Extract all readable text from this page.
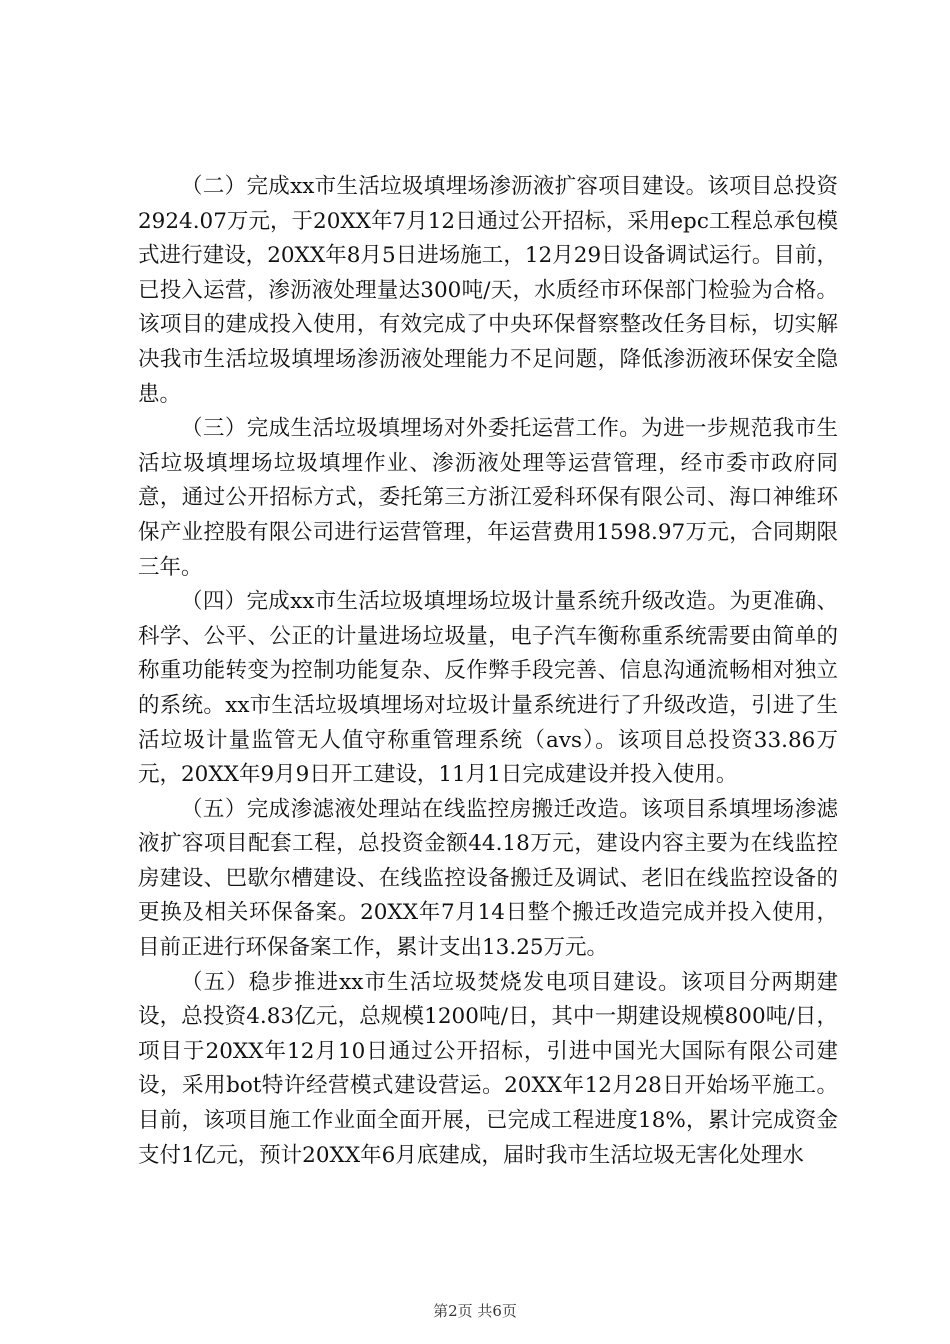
（二）完成xx市生活垃圾填埋场渗沥液扩容项目建设。该项目总投资2924.07万元，于20XX年7月12日通过公开招标，采用epc工程总承包模式进行建设，20XX年8月5日进场施工，12月29日设备调试运行。目前，已投入运营，渗沥液处理量达300吨/天，水质经市环保部门检验为合格。该项目的建成投入使用，有效完成了中央环保督察整改任务目标，切实解决我市生活垃圾填埋场渗沥液处理能力不足问题，降低渗沥液环保安全隐患。

（三）完成生活垃圾填埋场对外委托运营工作。为进一步规范我市生活垃圾填埋场垃圾填埋作业、渗沥液处理等运营管理，经市委市政府同意，通过公开招标方式，委托第三方浙江爱科环保有限公司、海口神维环保产业控股有限公司进行运营管理，年运营费用1598.97万元，合同期限三年。

（四）完成xx市生活垃圾填埋场垃圾计量系统升级改造。为更准确、科学、公平、公正的计量进场垃圾量，电子汽车衡称重系统需要由简单的称重功能转变为控制功能复杂、反作弊手段完善、信息沟通流畅相对独立的系统。xx市生活垃圾填埋场对垃圾计量系统进行了升级改造，引进了生活垃圾计量监管无人值守称重管理系统（avs）。该项目总投资33.86万元，20XX年9月9日开工建设，11月1日完成建设并投入使用。

（五）完成渗滤液处理站在线监控房搬迁改造。该项目系填埋场渗滤液扩容项目配套工程，总投资金额44.18万元，建设内容主要为在线监控房建设、巴歇尔槽建设、在线监控设备搬迁及调试、老旧在线监控设备的更换及相关环保备案。20XX年7月14日整个搬迁改造完成并投入使用，目前正进行环保备案工作，累计支出13.25万元。

（五）稳步推进xx市生活垃圾焚烧发电项目建设。该项目分两期建设，总投资4.83亿元，总规模1200吨/日，其中一期建设规模800吨/日，项目于20XX年12月10日通过公开招标，引进中国光大国际有限公司建设，采用bot特许经营模式建设营运。20XX年12月28日开始场平施工。目前，该项目施工作业面全面开展，已完成工程进度18%，累计完成资金支付1亿元，预计20XX年6月底建成，届时我市生活垃圾无害化处理水

第2页 共6页
